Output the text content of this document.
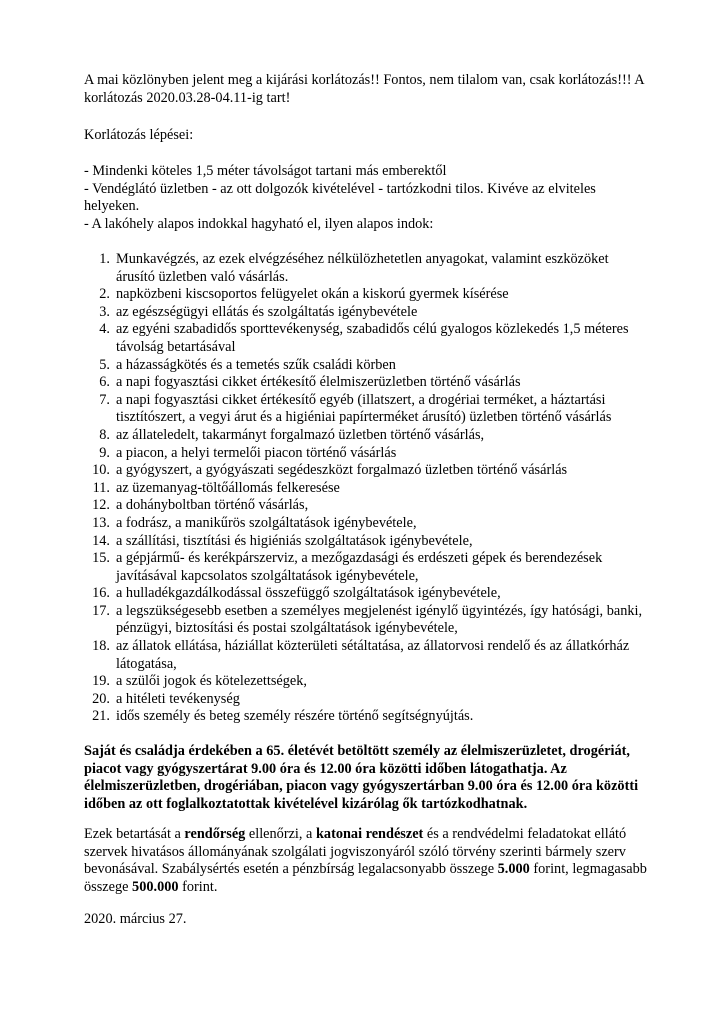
A mai közlönyben jelent meg a kijárási korlátozás!! Fontos, nem tilalom van, csak korlátozás!!! A korlátozás 2020.03.28-04.11-ig tart!

Korlátozás lépései:

- Mindenki köteles 1,5 méter távolságot tartani más emberektől

- Vendéglátó üzletben - az ott dolgozók kivételével - tartózkodni tilos. Kivéve az elviteles helyeken.

- A lakóhely alapos indokkal hagyható el, ilyen alapos indok:

1. Munkavégzés, az ezek elvégzéséhez nélkülözhetetlen anyagokat, valamint eszközöket árusító üzletben való vásárlás.
2. napközbeni kiscsoportos felügyelet okán a kiskorú gyermek kísérése
3. az egészségügyi ellátás és szolgáltatás igénybevétele
4. az egyéni szabadidős sporttevékenység, szabadidős célú gyalogos közlekedés 1,5 méteres távolság betartásával
5. a házasságkötés és a temetés szűk családi körben
6. a napi fogyasztási cikket értékesítő élelmiszerüzletben történő vásárlás
7. a napi fogyasztási cikket értékesítő egyéb (illatszert, a drogériai terméket, a háztartási tisztítószert, a vegyi árut és a higiéniai papírterméket árusító) üzletben történő vásárlás
8. az állateledelt, takarmányt forgalmazó üzletben történő vásárlás,
9. a piacon, a helyi termelői piacon történő vásárlás
10. a gyógyszert, a gyógyászati segédeszközt forgalmazó üzletben történő vásárlás
11. az üzemanyag-töltőállomás felkeresése
12. a dohányboltban történő vásárlás,
13. a fodrász, a manikűrös szolgáltatások igénybevétele,
14. a szállítási, tisztítási és higiéniás szolgáltatások igénybevétele,
15. a gépjármű- és kerékpárszerviz, a mezőgazdasági és erdészeti gépek és berendezések javításával kapcsolatos szolgáltatások igénybevétele,
16. a hulladékgazdálkodással összefüggő szolgáltatások igénybevétele,
17. a legszükségesebb esetben a személyes megjelenést igénylő ügyintézés, így hatósági, banki, pénzügyi, biztosítási és postai szolgáltatások igénybevétele,
18. az állatok ellátása, háziállat közterületi sétáltatása, az állatorvosi rendelő és az állatkórház látogatása,
19. a szülői jogok és kötelezettségek,
20. a hitéleti tevékenység
21. idős személy és beteg személy részére történő segítségnyújtás.

Saját és családja érdekében a 65. életévét betöltött személy az élelmiszerüzletet, drogériát, piacot vagy gyógyszertárat 9.00 óra és 12.00 óra közötti időben látogathatja. Az élelmiszerüzletben, drogériában, piacon vagy gyógyszertárban 9.00 óra és 12.00 óra közötti időben az ott foglalkoztatottak kivételével kizárólag ők tartózkodhatnak.

Ezek betartását a rendőrség ellenőrzi, a katonai rendészet és a rendvédelmi feladatokat ellátó szervek hivatásos állományának szolgálati jogviszonyáról szóló törvény szerinti bármely szerv bevonásával. Szabálysértés esetén a pénzbírság legalacsonyabb összege 5.000 forint, legmagasabb összege 500.000 forint.

2020. március 27.
